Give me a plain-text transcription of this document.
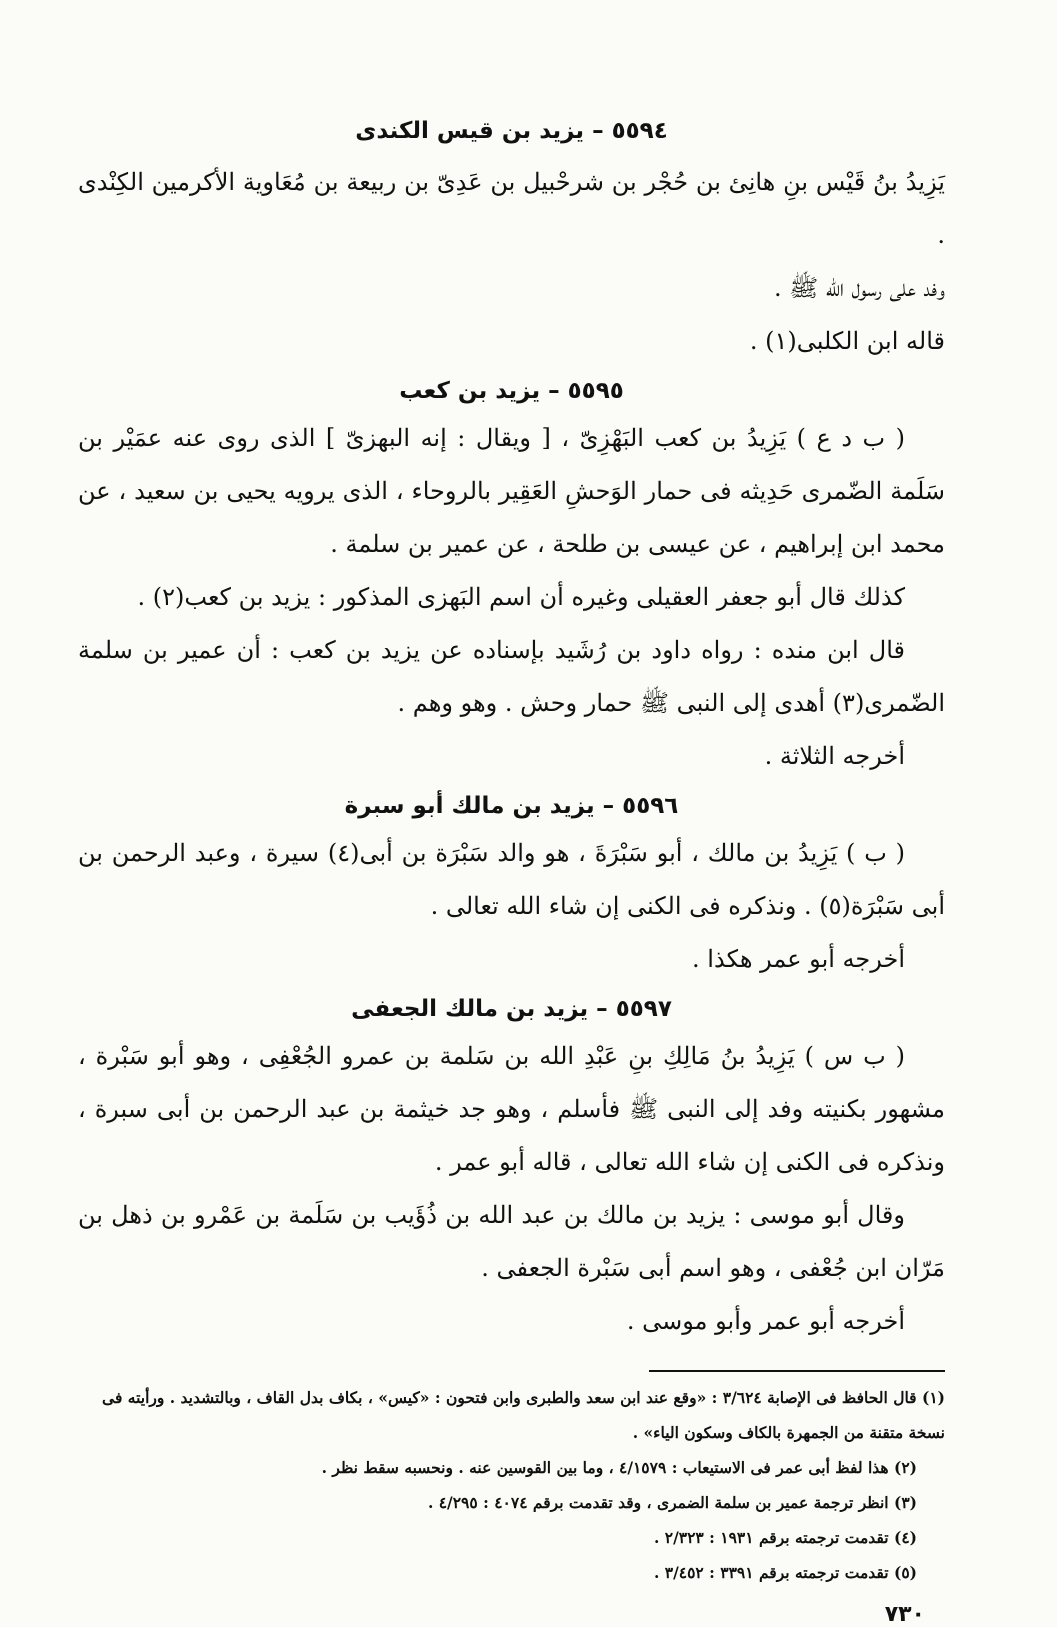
٥٥٩٤ – يزيد بن قيس الكندى

يَزِيدُ بنُ قَيْس بنِ هانِئ بن حُجْر بن شرحْبيل بن عَدِىّ بن ربيعة بن مُعَاوية الأكرمين الكِنْدى .

وفد على رسول الله ﷺ .

قاله ابن الكلبى(١) .

٥٥٩٥ – يزيد بن كعب

( ب د ع ) يَزِيدُ بن كعب البَهْزِىّ ، [ ويقال : إنه البهزىّ ] الذى روى عنه عمَيْر بن سَلَمة الضّمرى حَدِيثه فى حمار الوَحشِ العَقِير بالروحاء ، الذى يرويه يحيى بن سعيد ، عن محمد ابن إبراهيم ، عن عيسى بن طلحة ، عن عمير بن سلمة .

كذلك قال أبو جعفر العقيلى وغيره أن اسم البَهزى المذكور : يزيد بن كعب(٢) .

قال ابن منده : رواه داود بن رُشَيد بإسناده عن يزيد بن كعب : أن عمير بن سلمة الضّمرى(٣) أهدى إلى النبى ﷺ حمار وحش . وهو وهم .

أخرجه الثلاثة .

٥٥٩٦ – يزيد بن مالك أبو سبرة

( ب ) يَزِيدُ بن مالك ، أبو سَبْرَةَ ، هو والد سَبْرَة بن أبى(٤) سيرة ، وعبد الرحمن بن أبى سَبْرَة(٥) . ونذكره فى الكنى إن شاء الله تعالى .

أخرجه أبو عمر هكذا .

٥٥٩٧ – يزيد بن مالك الجعفى

( ب س ) يَزِيدُ بنُ مَالِكِ بنِ عَبْدِ الله بن سَلمة بن عمرو الجُعْفِى ، وهو أبو سَبْرة ، مشهور بكنيته وفد إلى النبى ﷺ فأسلم ، وهو جد خيثمة بن عبد الرحمن بن أبى سبرة ، ونذكره فى الكنى إن شاء الله تعالى ، قاله أبو عمر .

وقال أبو موسى : يزيد بن مالك بن عبد الله بن ذُؤَيب بن سَلَمة بن عَمْرو بن ذهل بن مَرّان ابن جُعْفى ، وهو اسم أبى سَبْرة الجعفى .

أخرجه أبو عمر وأبو موسى .

(١) قال الحافظ فى الإصابة ٣/٦٢٤ : «وقع عند ابن سعد والطبرى وابن فتحون : «كيس» ، بكاف بدل القاف ، وبالتشديد . ورأيته فى نسخة متقنة من الجمهرة بالكاف وسكون الياء» .

(٢) هذا لفظ أبى عمر فى الاستيعاب : ٤/١٥٧٩ ، وما بين القوسين عنه . ونحسبه سقط نظر .

(٣) انظر ترجمة عمير بن سلمة الضمرى ، وقد تقدمت برقم ٤٠٧٤ : ٤/٢٩٥ .

(٤) تقدمت ترجمته برقم ١٩٣١ : ٢/٣٢٣ .

(٥) تقدمت ترجمته برقم ٣٣٩١ : ٣/٤٥٢ .

٧٣٠
